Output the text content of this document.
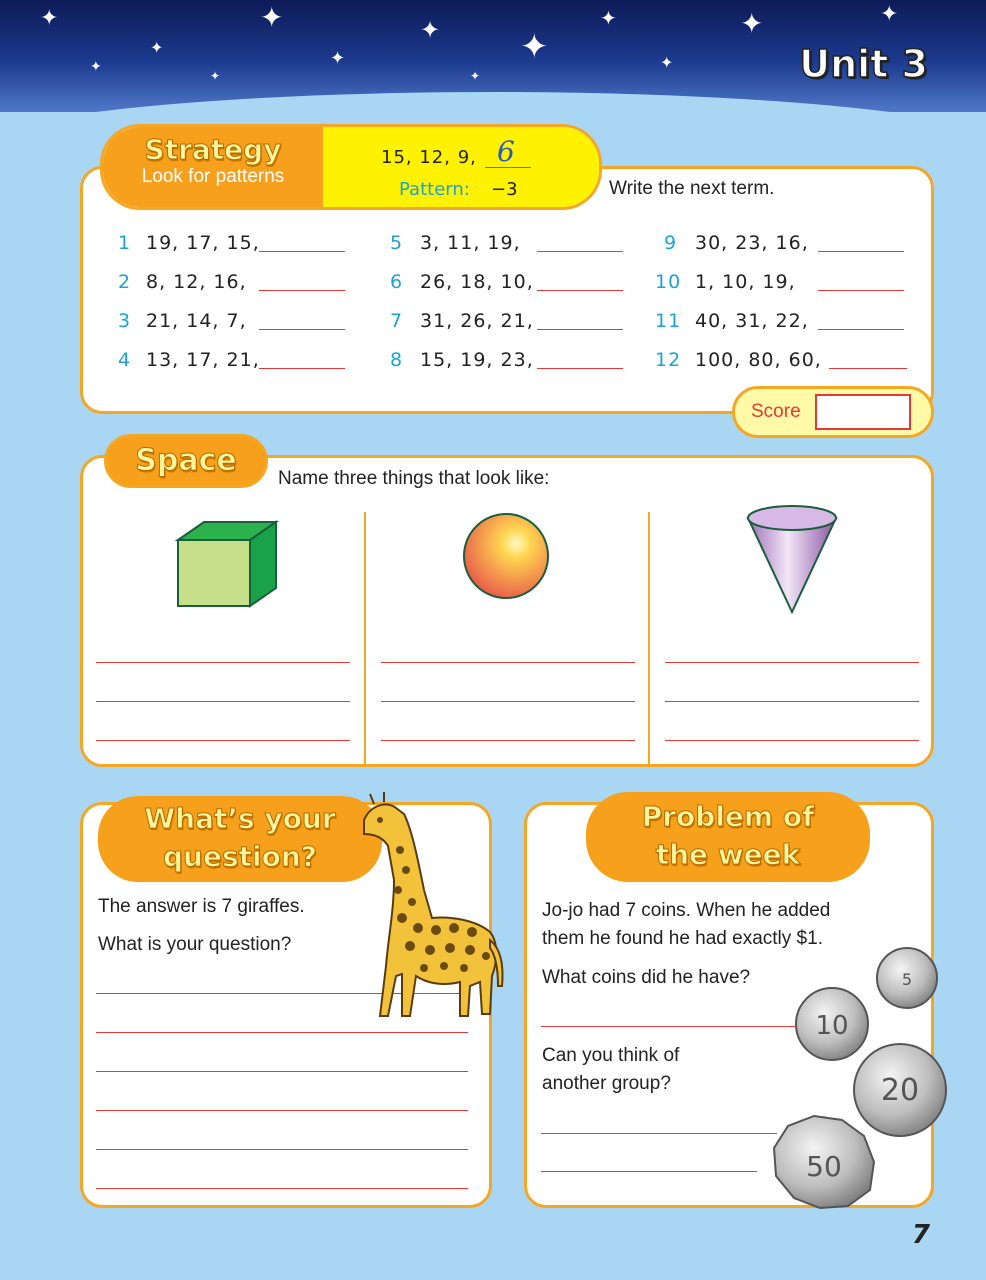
✦
✦
✦
✦
✦ ✦
✦
✦
✦
✦
✦
✦
✦	Unit 3
Strategy
Look for patterns
15, 12, 9, 6
Pattern: −3	Write the next term.
1 19, 17, 15,
2 8, 12, 16,
3 21, 14, 7,
4 13, 17, 21,
5 3, 11, 19,
6 26, 18, 10,
7 31, 26, 21,
8 15, 19, 23,
9 30, 23, 16,
10 1, 10, 19,
11 40, 31, 22,
12 100, 80, 60,
Score
Space
Name three things that look like:
What’s your
question?
The answer is 7 giraffes.
What is your question?
Problem of
the week
Jo-jo had 7 coins. When he added
them he found he had exactly $1.
What coins did he have?
Can you think of
another group?
5
10
20
50
7
